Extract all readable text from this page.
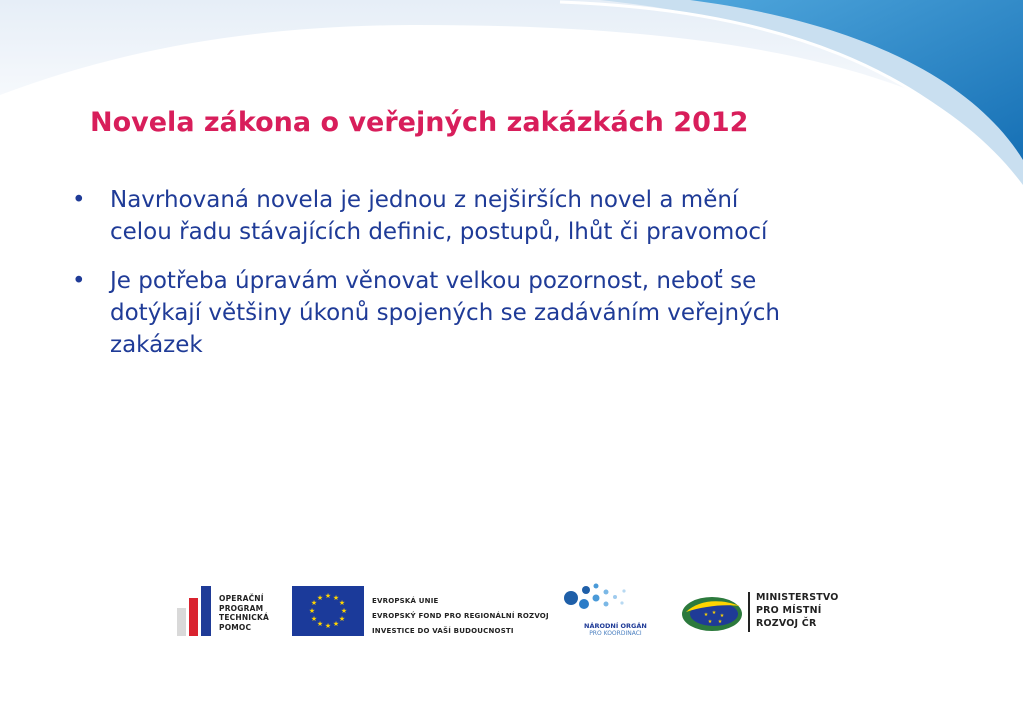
Novela zákona o veřejných zakázkách 2012
• Navrhovaná novela je jednou z nejširších novel a mění
celou řadu stávajících definic, postupů, lhůt či pravomocí
• Je potřeba úpravám věnovat velkou pozornost, neboť se
dotýkají většiny úkonů spojených se zadáváním veřejných
zakázek
OPERAČNÍ
PROGRAM
TECHNICKÁ
POMOC
★ ★
★
★
★
★
★
★
★
★
★
★	EVROPSKÁ UNIE
EVROPSKÝ FOND PRO REGIONÁLNÍ ROZVOJ
INVESTICE DO VAŠÍ BUDOUCNOSTI
NÁRODNÍ ORGÁN
PRO KOORDINACI
★ ★ ★
★ ★
MINISTERSTVO
PRO MÍSTNÍ
ROZVOJ ČR
